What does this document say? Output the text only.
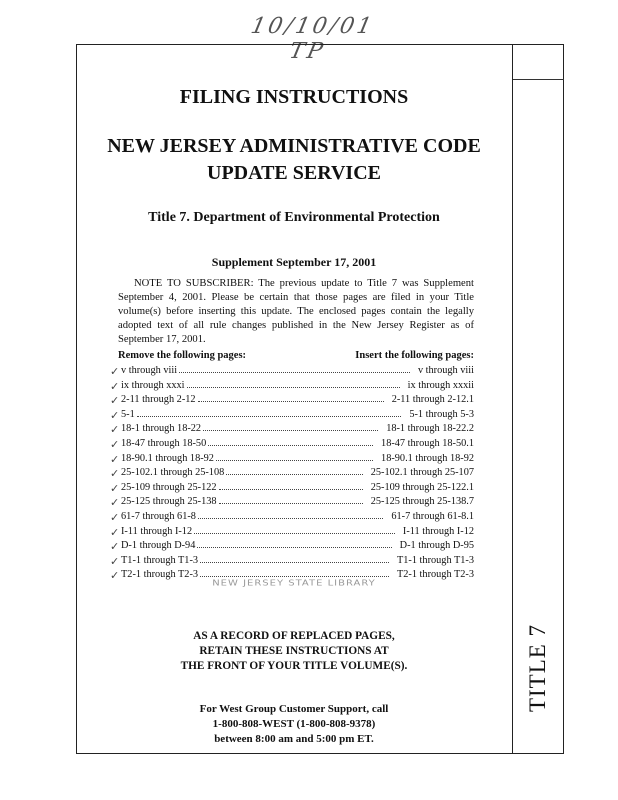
10/10/01 TP
TITLE 7
FILING INSTRUCTIONS
NEW JERSEY ADMINISTRATIVE CODE
UPDATE SERVICE
Title 7. Department of Environmental Protection
Supplement September 17, 2001
NOTE TO SUBSCRIBER: The previous update to Title 7 was Supplement September 4, 2001. Please be certain that those pages are filed in your Title volume(s) before inserting this update. The enclosed pages contain the legally adopted text of all rule changes published in the New Jersey Register as of September 17, 2001.
Remove the following pages:	Insert the following pages:
✓ v through viii	v through viii
✓ ix through xxxi	ix through xxxii
✓ 2-11 through 2-12	2-11 through 2-12.1
✓ 5-1	5-1 through 5-3
✓ 18-1 through 18-22	18-1 through 18-22.2
✓ 18-47 through 18-50	18-47 through 18-50.1
✓ 18-90.1 through 18-92	18-90.1 through 18-92
✓ 25-102.1 through 25-108	25-102.1 through 25-107
✓ 25-109 through 25-122	25-109 through 25-122.1
✓ 25-125 through 25-138	25-125 through 25-138.7
✓ 61-7 through 61-8	61-7 through 61-8.1
✓ I-11 through I-12	I-11 through I-12
✓ D-1 through D-94	D-1 through D-95
✓ T1-1 through T1-3	T1-1 through T1-3
✓ T2-1 through T2-3	T2-1 through T2-3
NEW JERSEY STATE LIBRARY
AS A RECORD OF REPLACED PAGES,
RETAIN THESE INSTRUCTIONS AT
THE FRONT OF YOUR TITLE VOLUME(S).
For West Group Customer Support, call
1-800-808-WEST (1-800-808-9378)
between 8:00 am and 5:00 pm ET.
